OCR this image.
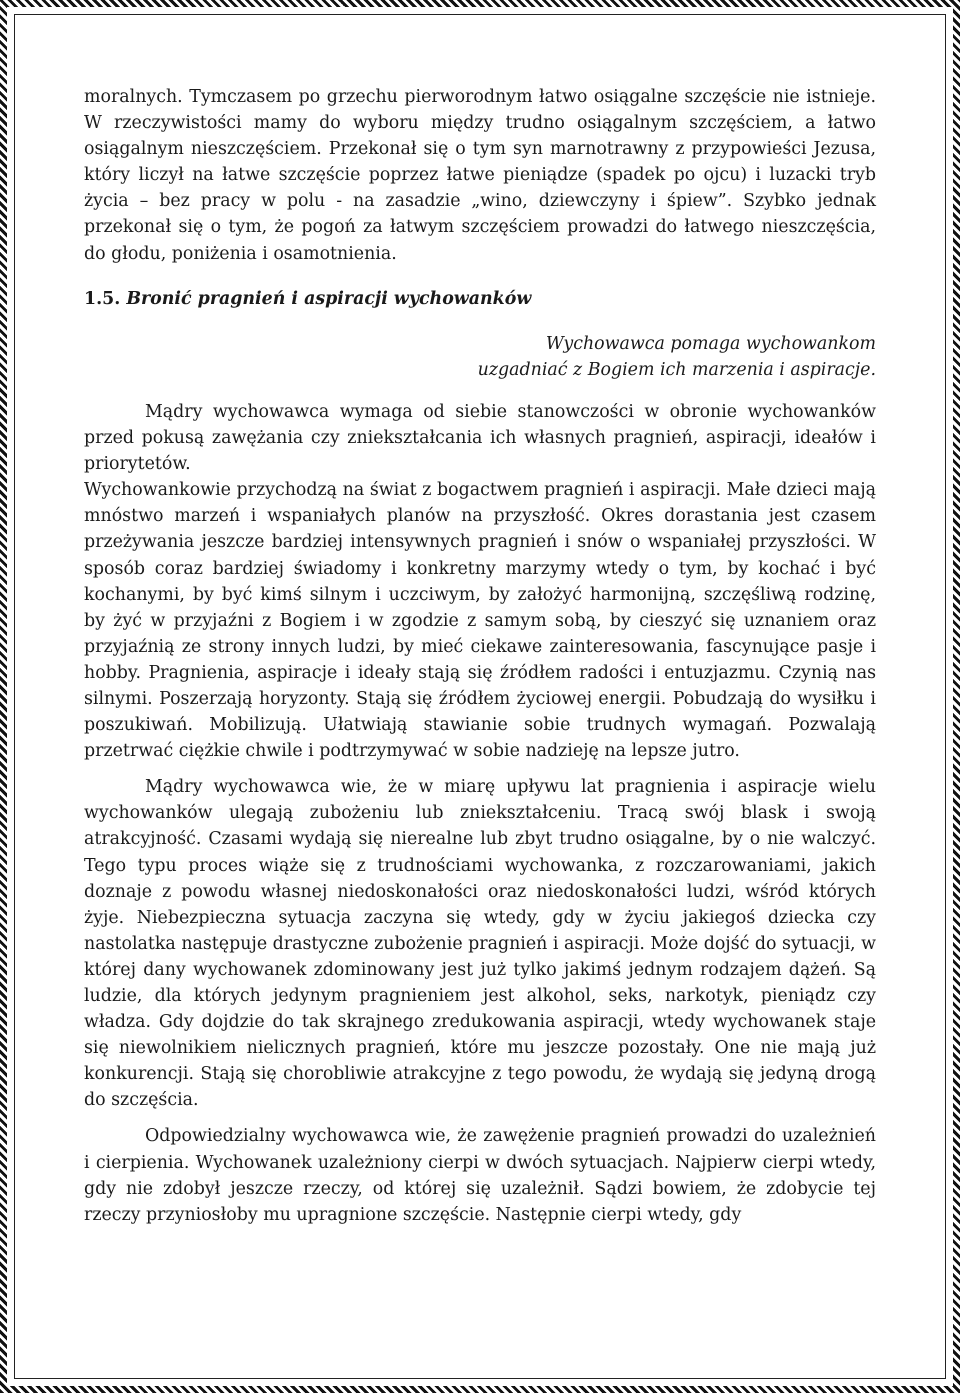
moralnych. Tymczasem po grzechu pierworodnym łatwo osiągalne szczęście nie istnieje. W rzeczywistości mamy do wyboru między trudno osiągalnym szczęściem, a łatwo osiągalnym nieszczęściem. Przekonał się o tym syn marnotrawny z przypowieści Jezusa, który liczył na łatwe szczęście poprzez łatwe pieniądze (spadek po ojcu) i luzacki tryb życia – bez pracy w polu - na zasadzie „wino, dziewczyny i śpiew”. Szybko jednak przekonał się o tym, że pogoń za łatwym szczęściem prowadzi do łatwego nieszczęścia, do głodu, poniżenia i osamotnienia.

1.5. Bronić pragnień i aspiracji wychowanków
Wychowawca pomaga wychowankom
uzgadniać z Bogiem ich marzenia i aspiracje.

Mądry wychowawca wymaga od siebie stanowczości w obronie wychowanków przed pokusą zawężania czy zniekształcania ich własnych pragnień, aspiracji, ideałów i priorytetów.

Wychowankowie przychodzą na świat z bogactwem pragnień i aspiracji. Małe dzieci mają mnóstwo marzeń i wspaniałych planów na przyszłość. Okres dorastania jest czasem przeżywania jeszcze bardziej intensywnych pragnień i snów o wspaniałej przyszłości. W sposób coraz bardziej świadomy i konkretny marzymy wtedy o tym, by kochać i być kochanymi, by być kimś silnym i uczciwym, by założyć harmonijną, szczęśliwą rodzinę, by żyć w przyjaźni z Bogiem i w zgodzie z samym sobą, by cieszyć się uznaniem oraz przyjaźnią ze strony innych ludzi, by mieć ciekawe zainteresowania, fascynujące pasje i hobby. Pragnienia, aspiracje i ideały stają się źródłem radości i entuzjazmu. Czynią nas silnymi. Poszerzają horyzonty. Stają się źródłem życiowej energii. Pobudzają do wysiłku i poszukiwań. Mobilizują. Ułatwiają stawianie sobie trudnych wymagań. Pozwalają przetrwać ciężkie chwile i podtrzymywać w sobie nadzieję na lepsze jutro.

Mądry wychowawca wie, że w miarę upływu lat pragnienia i aspiracje wielu wychowanków ulegają zubożeniu lub zniekształceniu. Tracą swój blask i swoją atrakcyjność. Czasami wydają się nierealne lub zbyt trudno osiągalne, by o nie walczyć. Tego typu proces wiąże się z trudnościami wychowanka, z rozczarowaniami, jakich doznaje z powodu własnej niedoskonałości oraz niedoskonałości ludzi, wśród których żyje. Niebezpieczna sytuacja zaczyna się wtedy, gdy w życiu jakiegoś dziecka czy nastolatka następuje drastyczne zubożenie pragnień i aspiracji. Może dojść do sytuacji, w której dany wychowanek zdominowany jest już tylko jakimś jednym rodzajem dążeń. Są ludzie, dla których jedynym pragnieniem jest alkohol, seks, narkotyk, pieniądz czy władza. Gdy dojdzie do tak skrajnego zredukowania aspiracji, wtedy wychowanek staje się niewolnikiem nielicznych pragnień, które mu jeszcze pozostały. One nie mają już konkurencji. Stają się chorobliwie atrakcyjne z tego powodu, że wydają się jedyną drogą do szczęścia.

Odpowiedzialny wychowawca wie, że zawężenie pragnień prowadzi do uzależnień i cierpienia. Wychowanek uzależniony cierpi w dwóch sytuacjach. Najpierw cierpi wtedy, gdy nie zdobył jeszcze rzeczy, od której się uzależnił. Sądzi bowiem, że zdobycie tej rzeczy przyniosłoby mu upragnione szczęście. Następnie cierpi wtedy, gdy
